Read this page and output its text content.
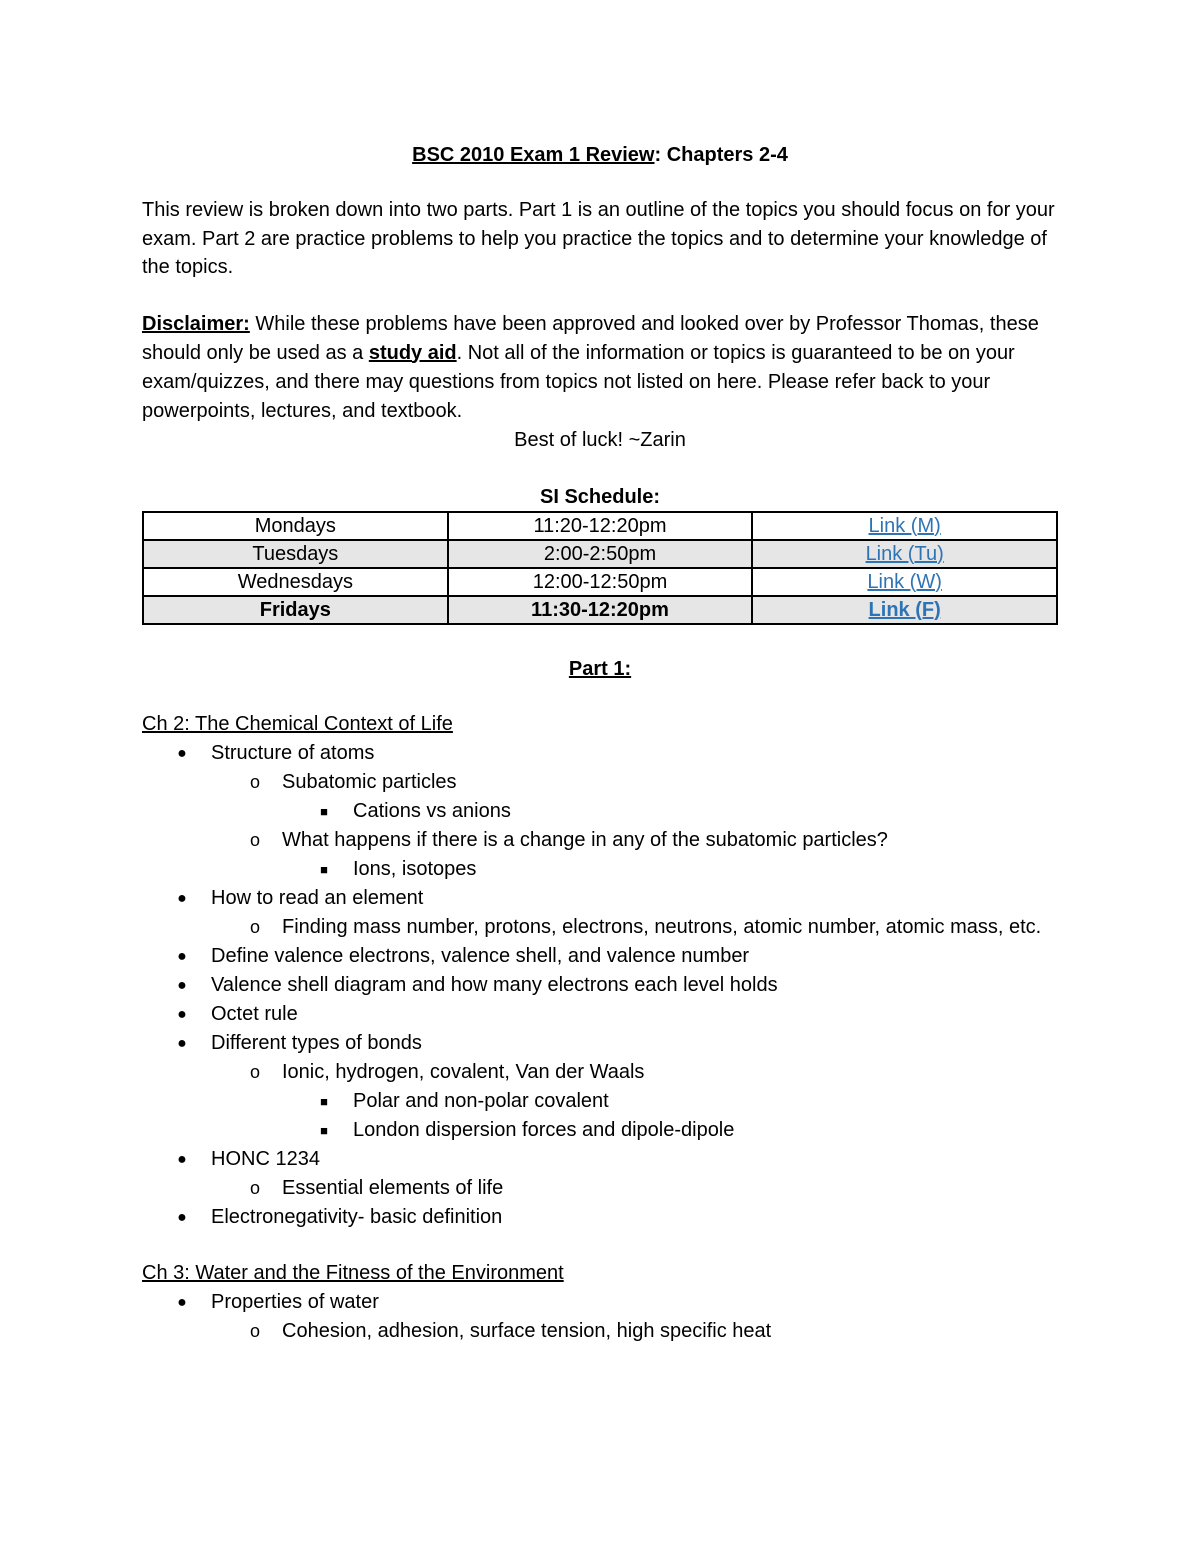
BSC 2010 Exam 1 Review: Chapters 2-4

This review is broken down into two parts. Part 1 is an outline of the topics you should focus on for your exam. Part 2 are practice problems to help you practice the topics and to determine your knowledge of the topics.

Disclaimer: While these problems have been approved and looked over by Professor Thomas, these should only be used as a study aid. Not all of the information or topics is guaranteed to be on your exam/quizzes, and there may questions from topics not listed on here. Please refer back to your powerpoints, lectures, and textbook.

Best of luck! ~Zarin

SI Schedule:

Mondays	11:20-12:20pm	Link (M)
Tuesdays	2:00-2:50pm	Link (Tu)
Wednesdays	12:00-12:50pm	Link (W)
Fridays	11:30-12:20pm	Link (F)

Part 1:

Ch 2: The Chemical Context of Life

●	Structure of atoms
o	Subatomic particles
■	Cations vs anions
o	What happens if there is a change in any of the subatomic particles?
■	Ions, isotopes
●	How to read an element
o	Finding mass number, protons, electrons, neutrons, atomic number, atomic mass, etc.
●	Define valence electrons, valence shell, and valence number
●	Valence shell diagram and how many electrons each level holds
●	Octet rule
●	Different types of bonds
o	Ionic, hydrogen, covalent, Van der Waals
■	Polar and non-polar covalent
■	London dispersion forces and dipole-dipole
●	HONC 1234
o	Essential elements of life
●	Electronegativity- basic definition

Ch 3: Water and the Fitness of the Environment

●	Properties of water
o	Cohesion, adhesion, surface tension, high specific heat
